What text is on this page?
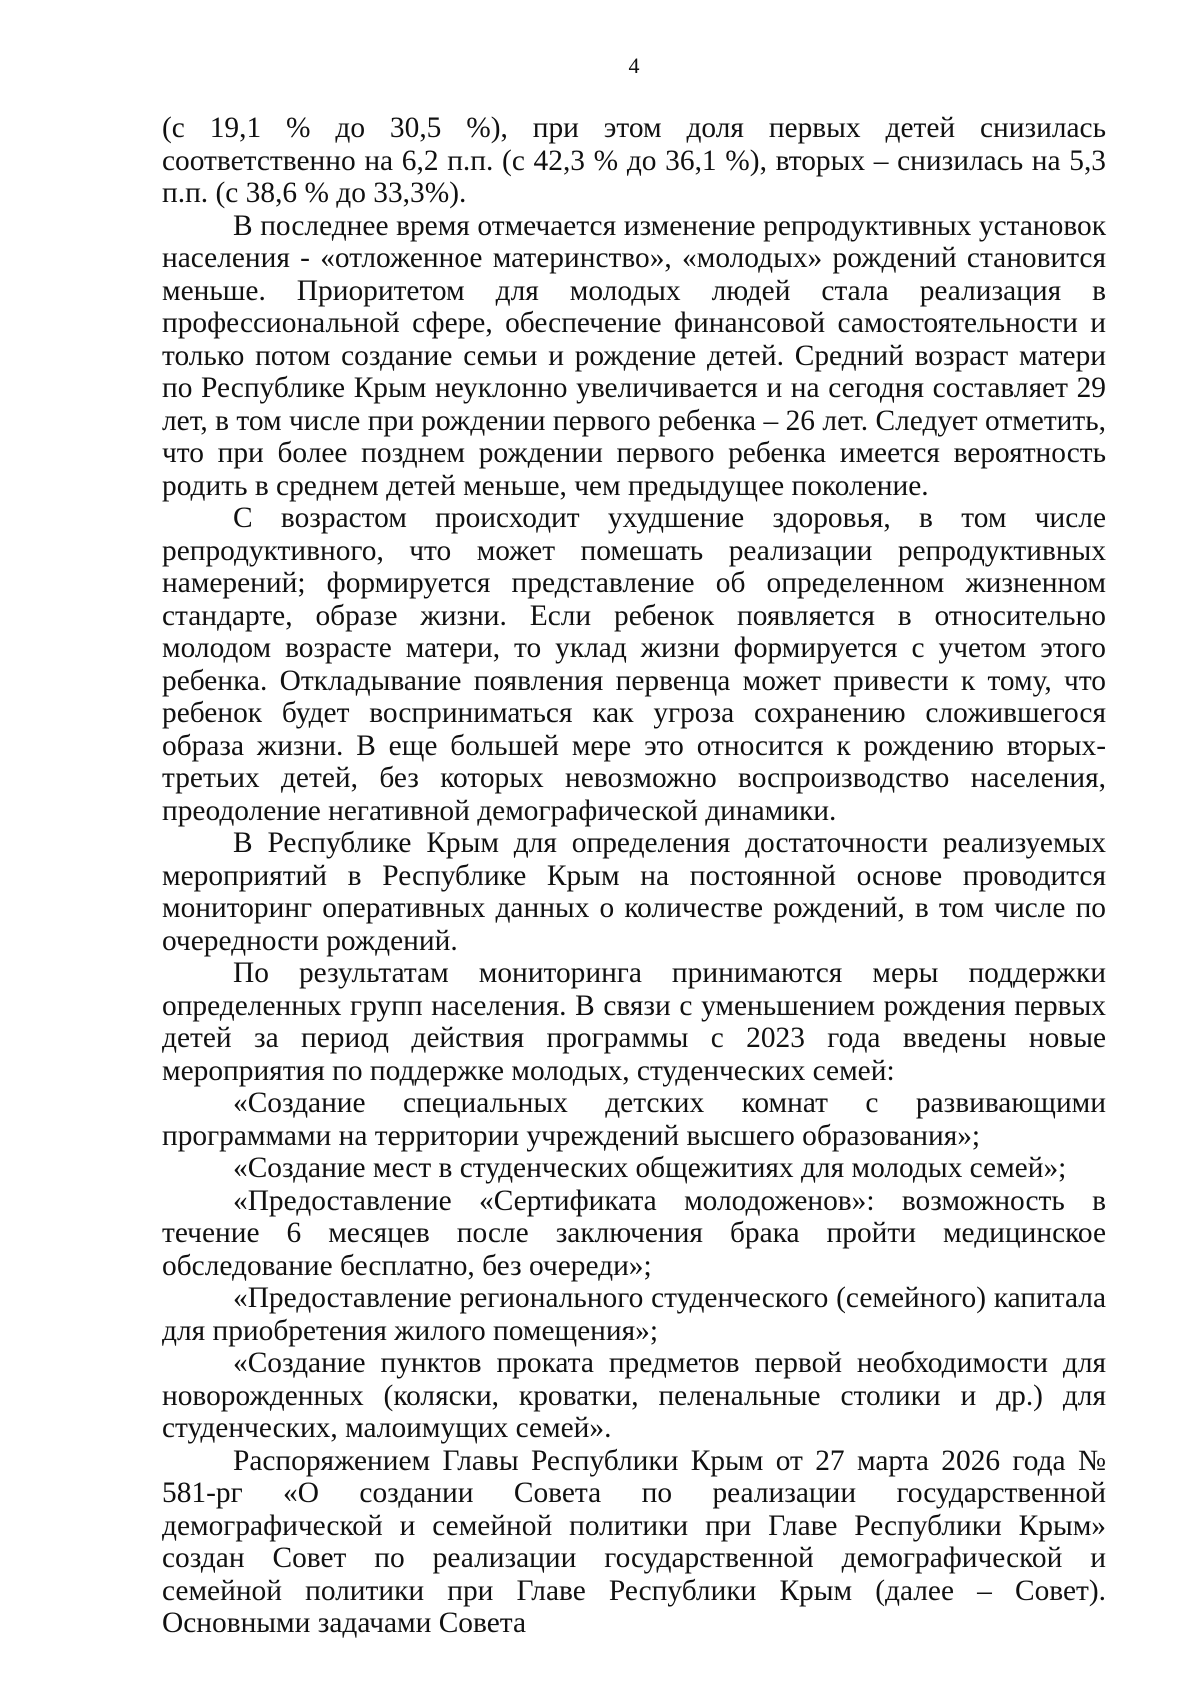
4

(с 19,1 % до 30,5 %), при этом доля первых детей снизилась соответственно на 6,2 п.п. (с 42,3 % до 36,1 %), вторых – снизилась на 5,3 п.п. (с 38,6 % до 33,3%).

В последнее время отмечается изменение репродуктивных установок населения - «отложенное материнство», «молодых» рождений становится меньше. Приоритетом для молодых людей стала реализация в профессиональной сфере, обеспечение финансовой самостоятельности и только потом создание семьи и рождение детей. Средний возраст матери по Республике Крым неуклонно увеличивается и на сегодня составляет 29 лет, в том числе при рождении первого ребенка – 26 лет. Следует отметить, что при более позднем рождении первого ребенка имеется вероятность родить в среднем детей меньше, чем предыдущее поколение.

С возрастом происходит ухудшение здоровья, в том числе репродуктивного, что может помешать реализации репродуктивных намерений; формируется представление об определенном жизненном стандарте, образе жизни. Если ребенок появляется в относительно молодом возрасте матери, то уклад жизни формируется с учетом этого ребенка. Откладывание появления первенца может привести к тому, что ребенок будет восприниматься как угроза сохранению сложившегося образа жизни. В еще большей мере это относится к рождению вторых-третьих детей, без которых невозможно воспроизводство населения, преодоление негативной демографической динамики.

В Республике Крым для определения достаточности реализуемых мероприятий в Республике Крым на постоянной основе проводится мониторинг оперативных данных о количестве рождений, в том числе по очередности рождений.

По результатам мониторинга принимаются меры поддержки определенных групп населения. В связи с уменьшением рождения первых детей за период действия программы с 2023 года введены новые мероприятия по поддержке молодых, студенческих семей:

«Создание специальных детских комнат с развивающими программами на территории учреждений высшего образования»;

«Создание мест в студенческих общежитиях для молодых семей»;

«Предоставление «Сертификата молодоженов»: возможность в течение 6 месяцев после заключения брака пройти медицинское обследование бесплатно, без очереди»;

«Предоставление регионального студенческого (семейного) капитала для приобретения жилого помещения»;

«Создание пунктов проката предметов первой необходимости для новорожденных (коляски, кроватки, пеленальные столики и др.) для студенческих, малоимущих семей».

Распоряжением Главы Республики Крым от 27 марта 2026 года № 581-рг «О создании Совета по реализации государственной демографической и семейной политики при Главе Республики Крым» создан Совет по реализации государственной демографической и семейной политики при Главе Республики Крым (далее – Совет). Основными задачами Совета
